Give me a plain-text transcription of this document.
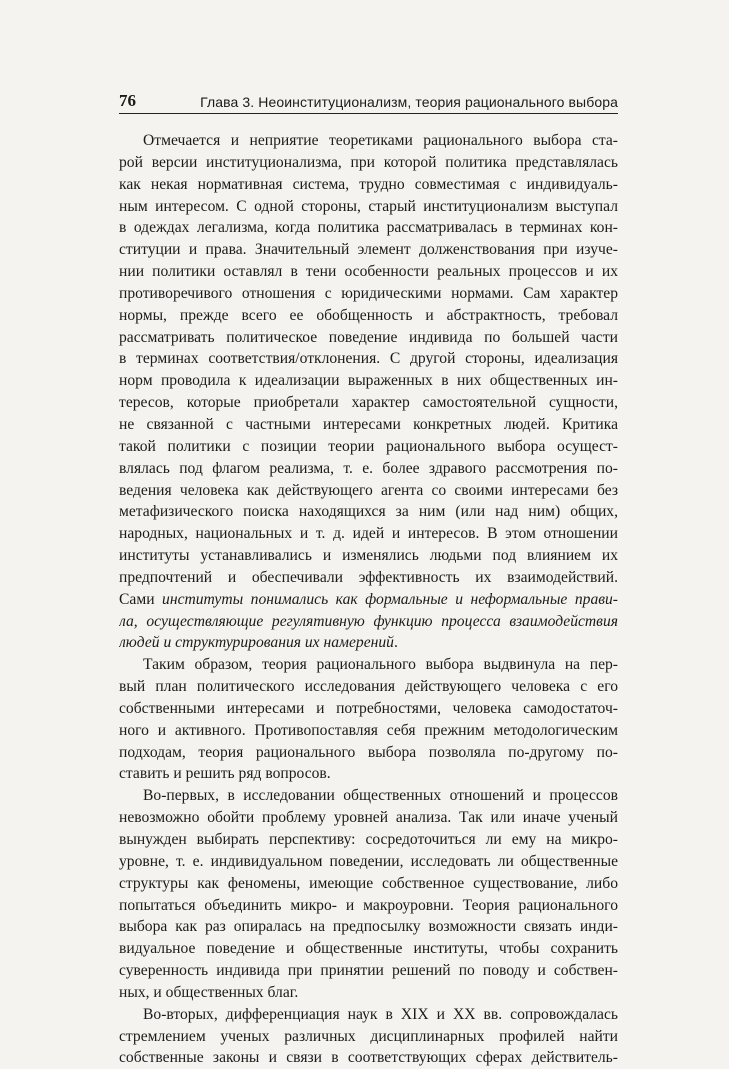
76	Глава 3. Неоинституционализм, теория рационального выбора
Отмечается и неприятие теоретиками рационального выбора ста-
рой версии институционализма, при которой политика представлялась
как некая нормативная система, трудно совместимая с индивидуаль-
ным интересом. С одной стороны, старый институционализм выступал
в одеждах легализма, когда политика рассматривалась в терминах кон-
ституции и права. Значительный элемент долженствования при изуче-
нии политики оставлял в тени особенности реальных процессов и их
противоречивого отношения с юридическими нормами. Сам характер
нормы, прежде всего ее обобщенность и абстрактность, требовал
рассматривать политическое поведение индивида по большей части
в терминах соответствия/отклонения. С другой стороны, идеализация
норм проводила к идеализации выраженных в них общественных ин-
тересов, которые приобретали характер самостоятельной сущности,
не связанной с частными интересами конкретных людей. Критика
такой политики с позиции теории рационального выбора осущест-
влялась под флагом реализма, т. е. более здравого рассмотрения по-
ведения человека как действующего агента со своими интересами без
метафизического поиска находящихся за ним (или над ним) общих,
народных, национальных и т. д. идей и интересов. В этом отношении
институты устанавливались и изменялись людьми под влиянием их
предпочтений и обеспечивали эффективность их взаимодействий.
Сами институты понимались как формальные и неформальные прави-
ла, осуществляющие регулятивную функцию процесса взаимодействия
людей и структурирования их намерений.
Таким образом, теория рационального выбора выдвинула на пер-
вый план политического исследования действующего человека с его
собственными интересами и потребностями, человека самодостаточ-
ного и активного. Противопоставляя себя прежним методологическим
подходам, теория рационального выбора позволяла по-другому по-
ставить и решить ряд вопросов.
Во-первых, в исследовании общественных отношений и процессов
невозможно обойти проблему уровней анализа. Так или иначе ученый
вынужден выбирать перспективу: сосредоточиться ли ему на микро-
уровне, т. е. индивидуальном поведении, исследовать ли общественные
структуры как феномены, имеющие собственное существование, либо
попытаться объединить микро- и макроуровни. Теория рационального
выбора как раз опиралась на предпосылку возможности связать инди-
видуальное поведение и общественные институты, чтобы сохранить
суверенность индивида при принятии решений по поводу и собствен-
ных, и общественных благ.
Во-вторых, дифференциация наук в XIX и XX вв. сопровождалась
стремлением ученых различных дисциплинарных профилей найти
собственные законы и связи в соответствующих сферах действитель-
